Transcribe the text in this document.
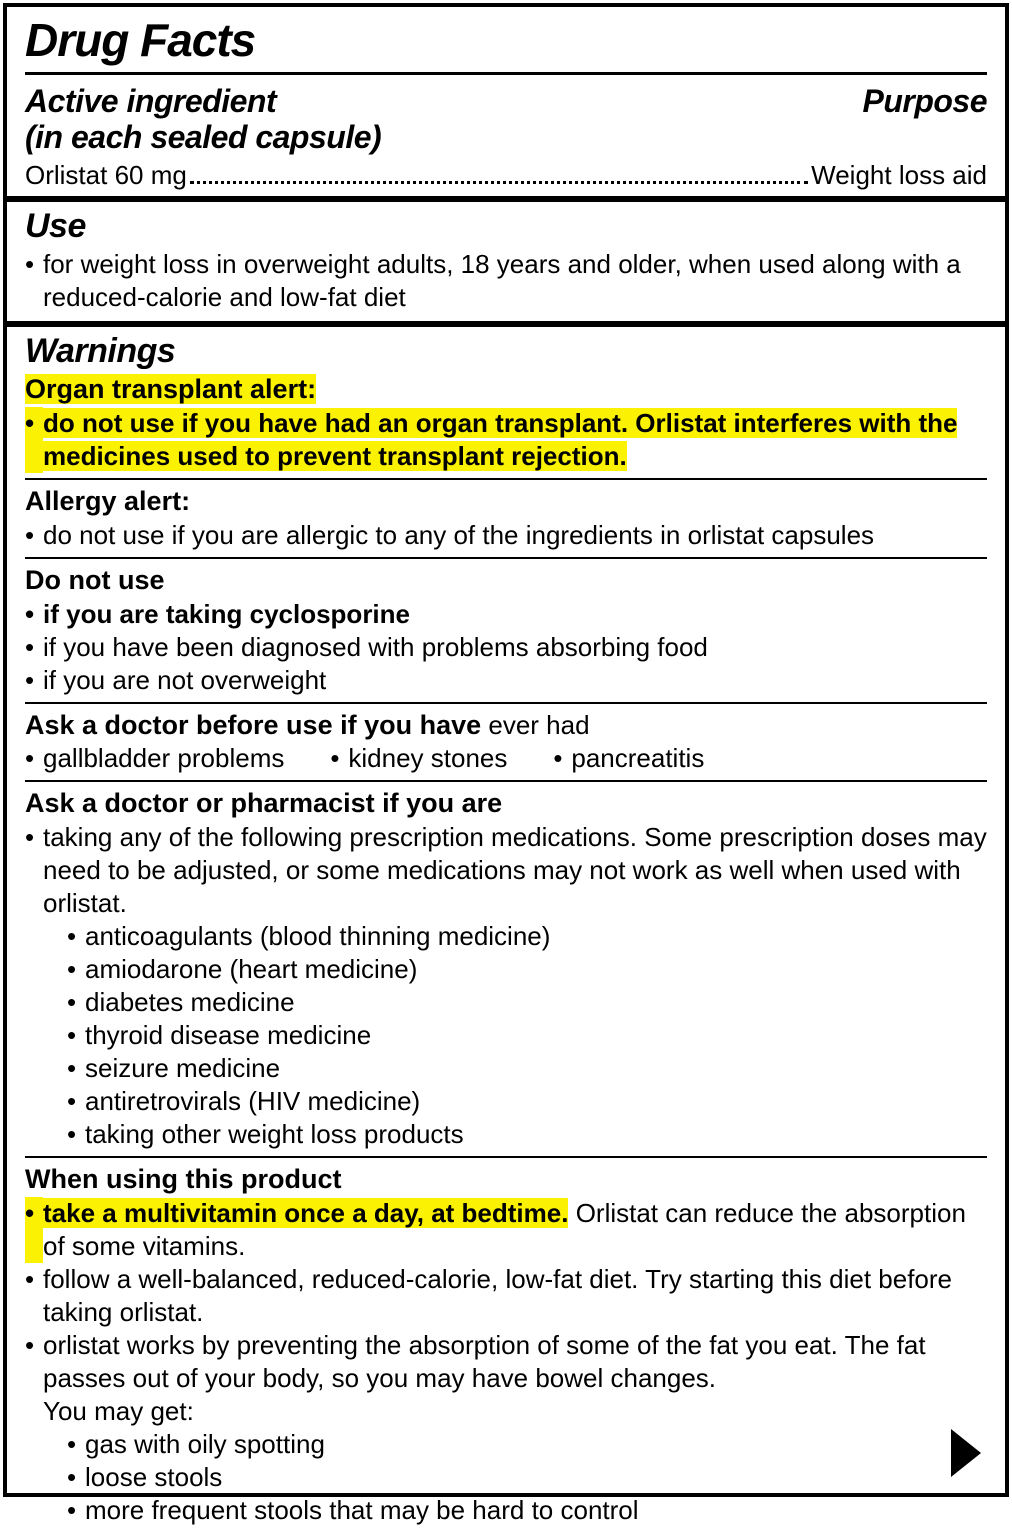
Drug Facts
Active ingredient	Purpose
(in each sealed capsule)
Orlistat 60 mg	Weight loss aid
Use
• for weight loss in overweight adults, 18 years and older, when used along with a reduced-calorie and low-fat diet
Warnings
Organ transplant alert:
• do not use if you have had an organ transplant. Orlistat interferes with the medicines used to prevent transplant rejection.
Allergy alert:
• do not use if you are allergic to any of the ingredients in orlistat capsules
Do not use
• if you are taking cyclosporine
• if you have been diagnosed with problems absorbing food
• if you are not overweight
Ask a doctor before use if you have ever had
• gallbladder problems • kidney stones • pancreatitis
Ask a doctor or pharmacist if you are
• taking any of the following prescription medications. Some prescription doses may need to be adjusted, or some medications may not work as well when used with orlistat.
• anticoagulants (blood thinning medicine)
• amiodarone (heart medicine)
• diabetes medicine
• thyroid disease medicine
• seizure medicine
• antiretrovirals (HIV medicine)
• taking other weight loss products
When using this product
• take a multivitamin once a day, at bedtime. Orlistat can reduce the absorption of some vitamins.
• follow a well-balanced, reduced-calorie, low-fat diet. Try starting this diet before taking orlistat.
• orlistat works by preventing the absorption of some of the fat you eat. The fat passes out of your body, so you may have bowel changes.
You may get:
• gas with oily spotting
• loose stools
• more frequent stools that may be hard to control
